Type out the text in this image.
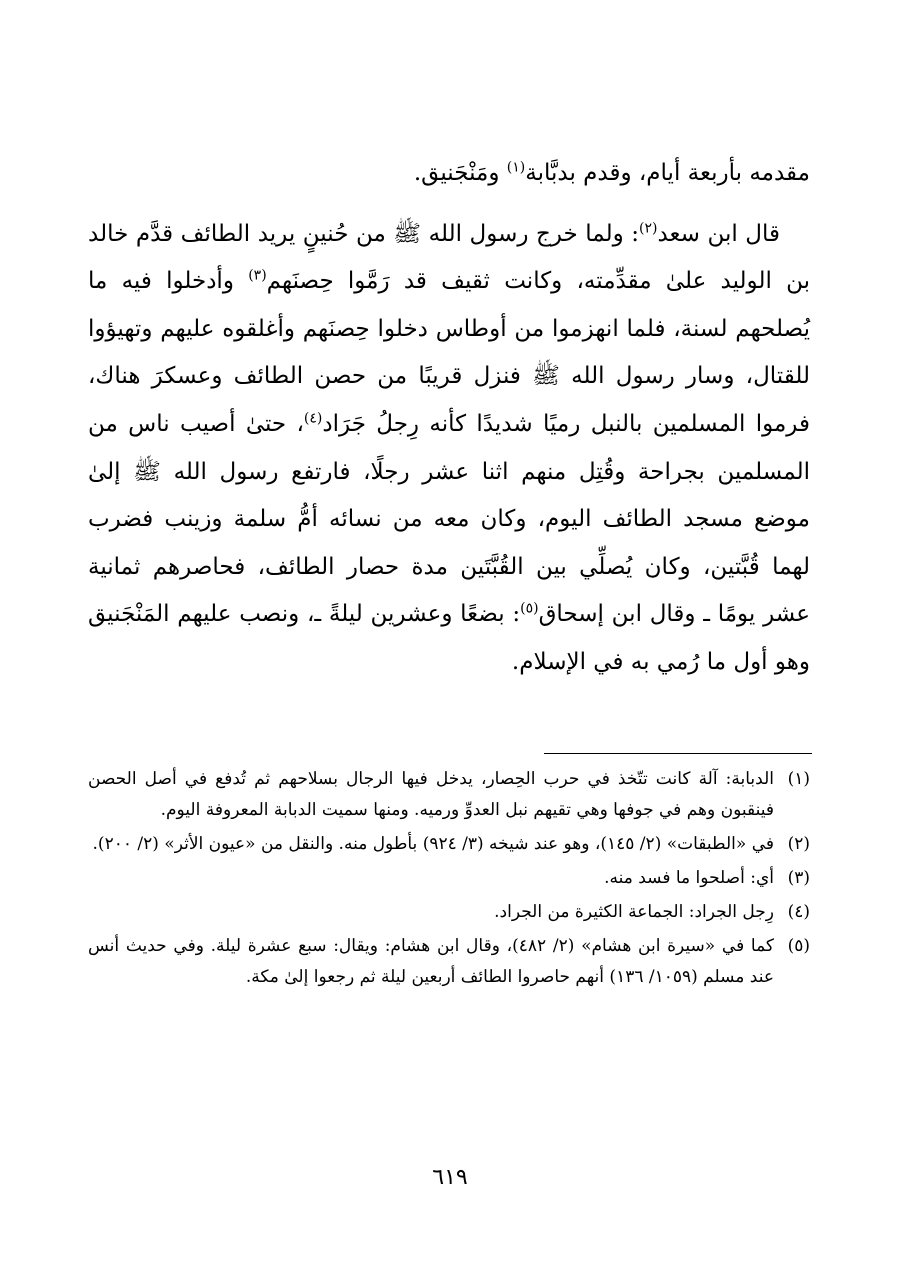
مقدمه بأربعة أيام، وقدم بدبَّابة$^{(١)}$ ومَنْجَنيق.

قال ابن سعد$^{(٢)}$: ولما خرج رسول الله ﷺ من حُنينٍ يريد الطائف قدَّم خالد بن الوليد علىٰ مقدِّمته، وكانت ثقيف قد رَمَّوا حِصنَهم$^{(٣)}$ وأدخلوا فيه ما يُصلحهم لسنة، فلما انهزموا من أوطاس دخلوا حِصنَهم وأغلقوه عليهم وتهيؤوا للقتال، وسار رسول الله ﷺ فنزل قريبًا من حصن الطائف وعسكرَ هناك، فرموا المسلمين بالنبل رميًا شديدًا كأنه رِجلُ جَرَاد$^{(٤)}$، حتىٰ أصيب ناس من المسلمين بجراحة وقُتِل منهم اثنا عشر رجلًا، فارتفع رسول الله ﷺ إلىٰ موضع مسجد الطائف اليوم، وكان معه من نسائه أمُّ سلمة وزينب فضرب لهما قُبَّتين، وكان يُصلِّي بين القُبَّتَين مدة حصار الطائف، فحاصرهم ثمانية عشر يومًا ـ وقال ابن إسحاق$^{(٥)}$: بضعًا وعشرين ليلةً ـ، ونصب عليهم المَنْجَنيق وهو أول ما رُمي به في الإسلام.

(١)
الدبابة: آلة كانت تتّخذ في حرب الحِصار، يدخل فيها الرجال بسلاحهم ثم تُدفع في أصل الحصن فينقبون وهم في جوفها وهي تقيهم نبل العدوِّ ورميه. ومنها سميت الدبابة المعروفة اليوم.
(٢)
في «الطبقات» (٢/ ١٤٥)، وهو عند شيخه (٣/ ٩٢٤) بأطول منه. والنقل من «عيون الأثر» (٢/ ٢٠٠).
(٣)
أي: أصلحوا ما فسد منه.
(٤)
رِجل الجراد: الجماعة الكثيرة من الجراد.
(٥)
كما في «سيرة ابن هشام» (٢/ ٤٨٢)، وقال ابن هشام: ويقال: سبع عشرة ليلة. وفي حديث أنس عند مسلم (١٠٥٩/ ١٣٦) أنهم حاصروا الطائف أربعين ليلة ثم رجعوا إلىٰ مكة.
٦١٩
